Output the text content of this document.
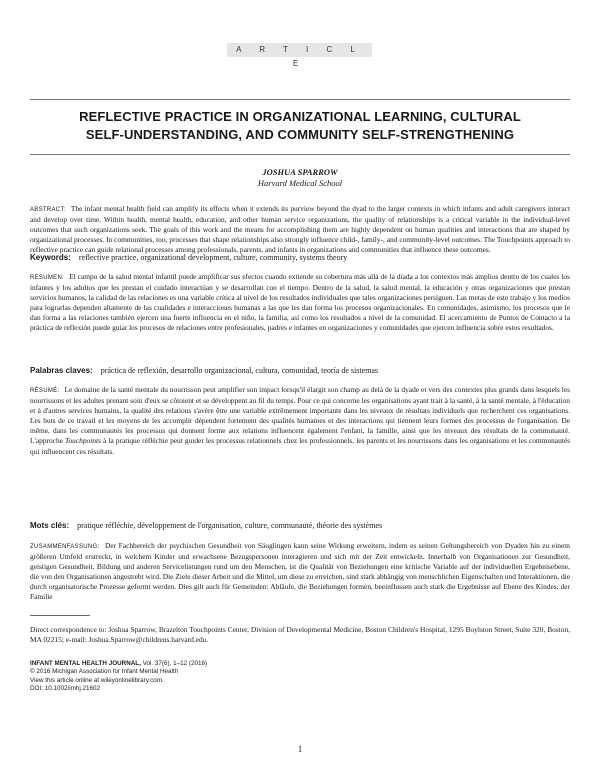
A R T I C L E
REFLECTIVE PRACTICE IN ORGANIZATIONAL LEARNING, CULTURAL
SELF-UNDERSTANDING, AND COMMUNITY SELF-STRENGTHENING
JOSHUA SPARROW
Harvard Medical School
ABSTRACT: The infant mental health field can amplify its effects when it extends its purview beyond the dyad to the larger contexts in which infants and adult caregivers interact and develop over time. Within health, mental health, education, and other human service organizations, the quality of relationships is a critical variable in the individual-level outcomes that such organizations seek. The goals of this work and the means for accomplishing them are highly dependent on human qualities and interactions that are shaped by organizational processes. In communities, too, processes that shape relationships also strongly influence child-, family-, and community-level outcomes. The Touchpoints approach to reflective practice can guide relational processes among professionals, parents, and infants in organizations and communities that influence these outcomes.
Keywords: reflective practice, organizational development, culture, community, systems theory
RESUMEN: El campo de la salud mental infantil puede amplificar sus efectos cuando extiende su cobertura más allá de la díada a los contextos más amplios dentro de los cuales los infantes y los adultos que les prestan el cuidado interactúan y se desarrollan con el tiempo. Dentro de la salud, la salud mental, la educación y otras organizaciones que prestan servicios humanos, la calidad de las relaciones es una variable crítica al nivel de los resultados individuales que tales organizaciones persiguen. Las metas de este trabajo y los medios para lograrlas dependen altamente de las cualidades e interacciones humanas a las que les dan forma los procesos organizacionales. En comunidades, asimismo, los procesos que le dan forma a las relaciones también ejercen una fuerte influencia en el niño, la familia, así como los resultados a nivel de la comunidad. El acercamiento de Puntos de Contacto a la práctica de reflexión puede guiar los procesos de relaciones entre profesionales, padres e infantes en organizaciones y comunidades que ejercen influencia sobre estos resultados.
Palabras claves: práctica de reflexión, desarrollo organizacional, cultura, comunidad, teoría de sistemas
RÉSUMÉ: Le domaine de la santé mentale du nourrisson peut amplifier son impact lorsqu'il élargit son champ au delà de la dyade et vers des contextes plus grands dans lesquels les nourrissons et les adultes prenant soin d'eux se côtoient et se développent au fil du temps. Pour ce qui concerne les organisations ayant trait à la santé, à la santé mentale, à l'éducation et à d'autres services humains, la qualité des relations s'avère être une variable extrêmement importante dans les niveaux de résultats individuels que recherchent ces organisations. Les buts de ce travail et les moyens de les accomplir dépendent fortement des qualités humaines et des interactions qui tiennent leurs formes des processus de l'organisation. De même, dans les communautés les processus qui donnent forme aux relations influencent également l'enfant, la famille, ainsi que les niveaux des résultats de la communauté. L'approche Touchpoints à la pratique réfléchie peut guider les processus relationnels chez les professionnels, les parents et les nourrissons dans les organisations et les communautés qui influencent ces résultats.
Mots clés: pratique réfléchie, développement de l'organisation, culture, communauté, théorie des systèmes
ZUSAMMENFASSUNG: Der Fachbereich der psychischen Gesundheit von Säuglingen kann seine Wirkung erweitern, indem es seinen Geltungsbereich von Dyaden hin zu einem größeren Umfeld erstreckt, in welchem Kinder und erwachsene Bezugspersonen interagieren und sich mit der Zeit entwickeln. Innerhalb von Organisationen zur Gesundheit, geistigen Gesundheit, Bildung und anderen Servicelistungen rund um den Menschen, ist die Qualität von Beziehungen eine kritische Variable auf der individuellen Ergebnisebene, die von den Organisationen angestrebt wird. Die Ziele dieser Arbeit und die Mittel, um diese zu erreichen, sind stark abhängig von menschlichen Eigenschaften und Interaktionen, die durch organisatorische Prozesse geformt werden. Dies gilt auch für Gemeinden: Abläufe, die Beziehungen formen, beeinflussen auch stark die Ergebnisse auf Ebene des Kindes, der Familie
Direct correspondence to: Joshua Sparrow, Brazelton Touchpoints Center, Division of Developmental Medicine, Boston Children's Hospital, 1295 Boylston Street, Suite 320, Boston, MA 02215; e-mail: Joshua.Sparrow@childrens.harvard.edu.
INFANT MENTAL HEALTH JOURNAL, Vol. 37(6), 1–12 (2016)
© 2016 Michigan Association for Infant Mental Health
View this article online at wileyonlinelibrary.com.
DOI: 10.1002/imhj.21602
1
